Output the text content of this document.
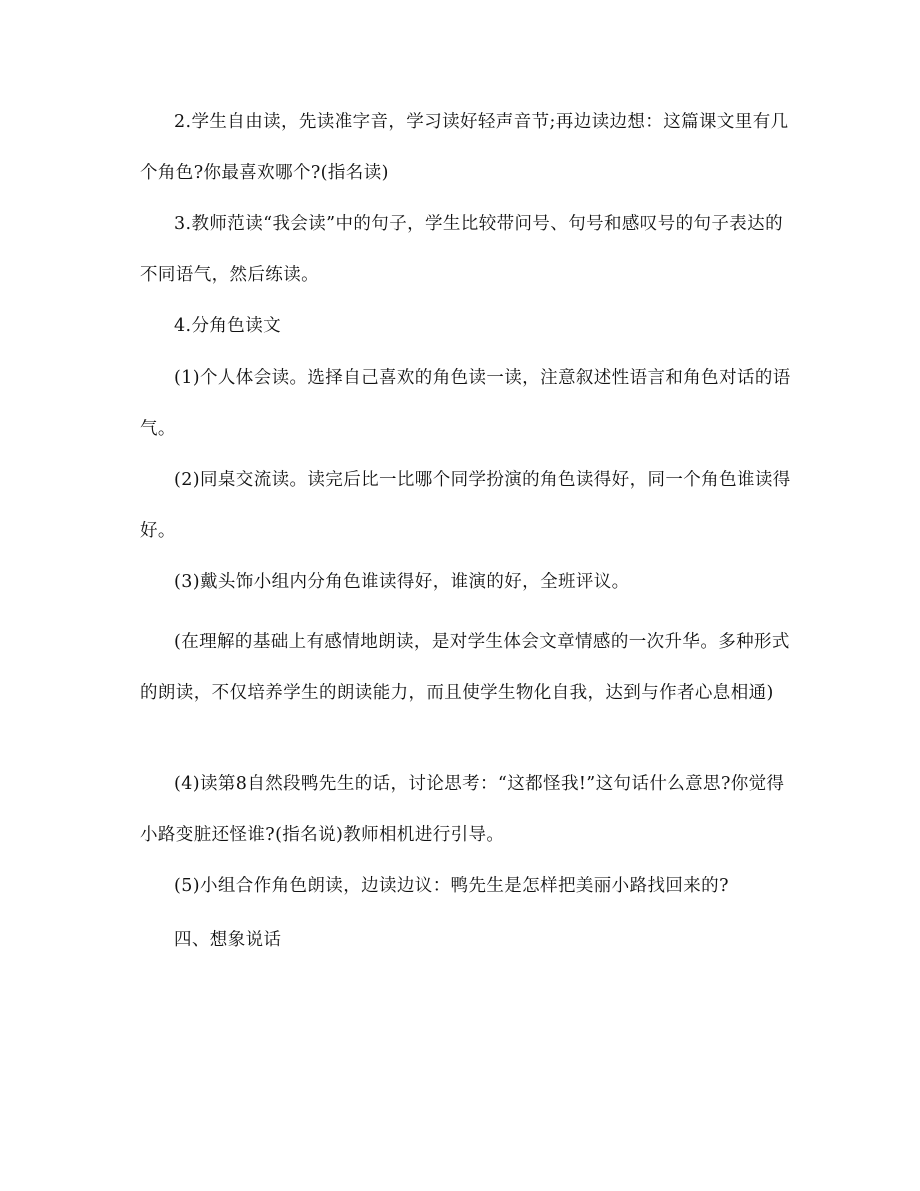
2.学生自由读，先读准字音，学习读好轻声音节;再边读边想：这篇课文里有几个角色?你最喜欢哪个?(指名读)

3.教师范读“我会读”中的句子，学生比较带问号、句号和感叹号的句子表达的不同语气，然后练读。

4.分角色读文

(1)个人体会读。选择自己喜欢的角色读一读，注意叙述性语言和角色对话的语气。

(2)同桌交流读。读完后比一比哪个同学扮演的角色读得好，同一个角色谁读得好。

(3)戴头饰小组内分角色谁读得好，谁演的好，全班评议。

(在理解的基础上有感情地朗读，是对学生体会文章情感的一次升华。多种形式的朗读，不仅培养学生的朗读能力，而且使学生物化自我，达到与作者心息相通)

(4)读第8自然段鸭先生的话，讨论思考：“这都怪我!”这句话什么意思?你觉得小路变脏还怪谁?(指名说)教师相机进行引导。

(5)小组合作角色朗读，边读边议：鸭先生是怎样把美丽小路找回来的?

四、想象说话
